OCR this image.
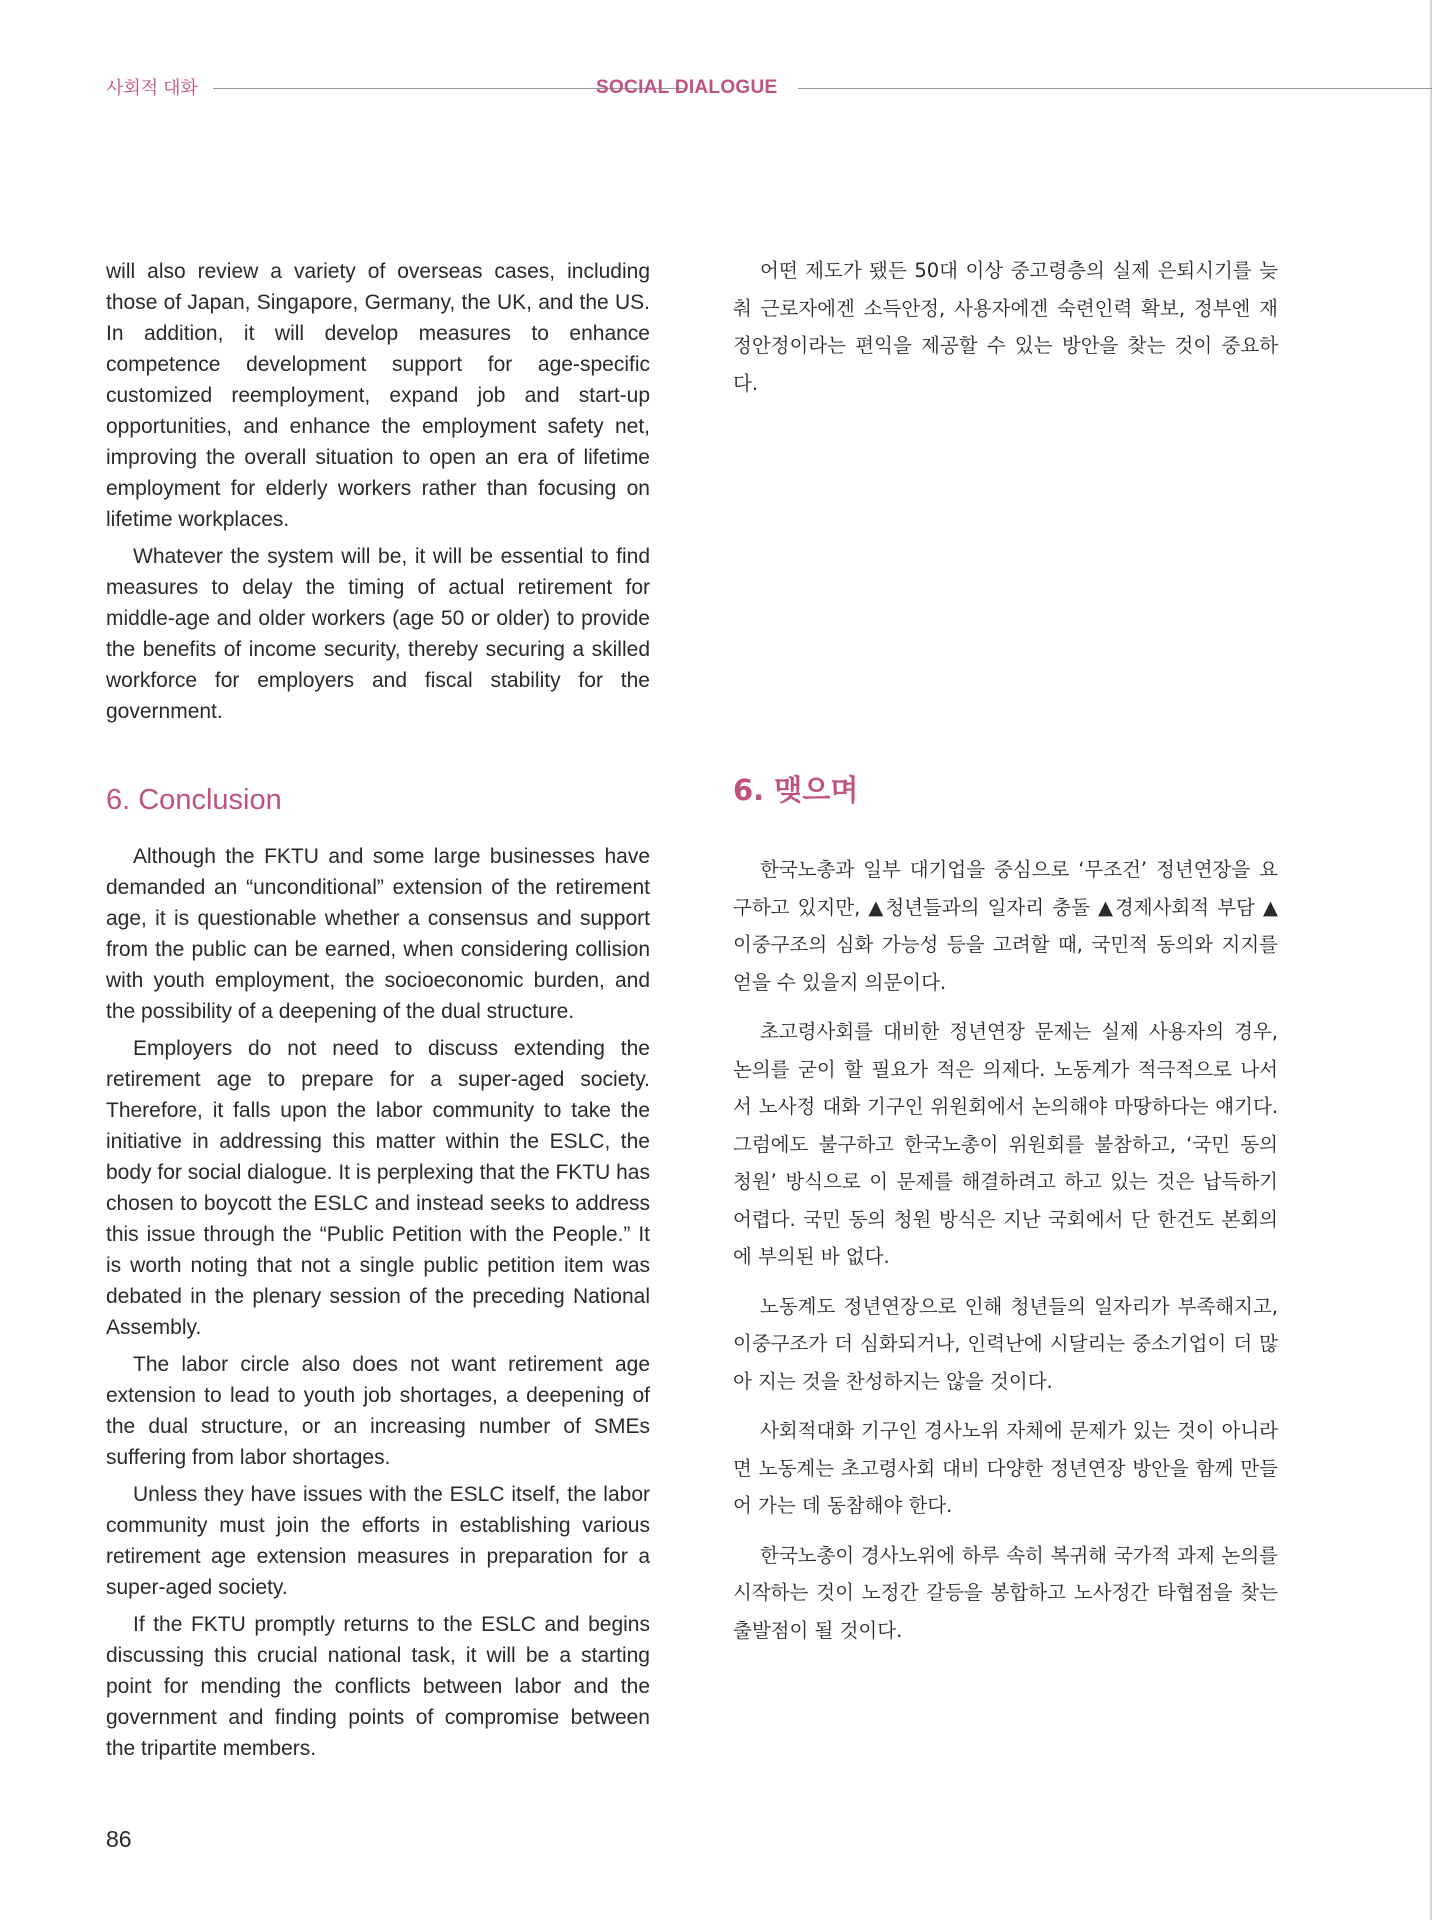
사회적 대화	SOCIAL DIALOGUE

will also review a variety of overseas cases, including those of Japan, Singapore, Germany, the UK, and the US. In addition, it will develop measures to enhance competence development support for age-specific customized reemployment, expand job and start-up opportunities, and enhance the employment safety net, improving the overall situation to open an era of lifetime employment for elderly workers rather than focusing on lifetime workplaces.

Whatever the system will be, it will be essential to find measures to delay the timing of actual retirement for middle-age and older workers (age 50 or older) to provide the benefits of income security, thereby securing a skilled workforce for employers and fiscal stability for the government.

어떤 제도가 됐든 50대 이상 중고령층의 실제 은퇴시기를 늦춰 근로자에겐 소득안정, 사용자에겐 숙련인력 확보, 정부엔 재정안정이라는 편익을 제공할 수 있는 방안을 찾는 것이 중요하다.

6. Conclusion	6. 맺으며

Although the FKTU and some large businesses have demanded an “unconditional” extension of the retirement age, it is questionable whether a consensus and support from the public can be earned, when considering collision with youth employment, the socioeconomic burden, and the possibility of a deepening of the dual structure.

Employers do not need to discuss extending the retirement age to prepare for a super-aged society. Therefore, it falls upon the labor community to take the initiative in addressing this matter within the ESLC, the body for social dialogue. It is perplexing that the FKTU has chosen to boycott the ESLC and instead seeks to address this issue through the “Public Petition with the People.” It is worth noting that not a single public petition item was debated in the plenary session of the preceding National Assembly.

The labor circle also does not want retirement age extension to lead to youth job shortages, a deepening of the dual structure, or an increasing number of SMEs suffering from labor shortages.

Unless they have issues with the ESLC itself, the labor community must join the efforts in establishing various retirement age extension measures in preparation for a super-aged society.

If the FKTU promptly returns to the ESLC and begins discussing this crucial national task, it will be a starting point for mending the conflicts between labor and the government and finding points of compromise between the tripartite members.

한국노총과 일부 대기업을 중심으로 ‘무조건’ 정년연장을 요구하고 있지만, ▲청년들과의 일자리 충돌 ▲경제사회적 부담 ▲이중구조의 심화 가능성 등을 고려할 때, 국민적 동의와 지지를 얻을 수 있을지 의문이다.

초고령사회를 대비한 정년연장 문제는 실제 사용자의 경우, 논의를 굳이 할 필요가 적은 의제다. 노동계가 적극적으로 나서서 노사정 대화 기구인 위원회에서 논의해야 마땅하다는 얘기다. 그럼에도 불구하고 한국노총이 위원회를 불참하고, ‘국민 동의 청원’ 방식으로 이 문제를 해결하려고 하고 있는 것은 납득하기 어렵다. 국민 동의 청원 방식은 지난 국회에서 단 한건도 본회의에 부의된 바 없다.

노동계도 정년연장으로 인해 청년들의 일자리가 부족해지고, 이중구조가 더 심화되거나, 인력난에 시달리는 중소기업이 더 많아 지는 것을 찬성하지는 않을 것이다.

사회적대화 기구인 경사노위 자체에 문제가 있는 것이 아니라면 노동계는 초고령사회 대비 다양한 정년연장 방안을 함께 만들어 가는 데 동참해야 한다.

한국노총이 경사노위에 하루 속히 복귀해 국가적 과제 논의를 시작하는 것이 노정간 갈등을 봉합하고 노사정간 타협점을 찾는 출발점이 될 것이다.

86
